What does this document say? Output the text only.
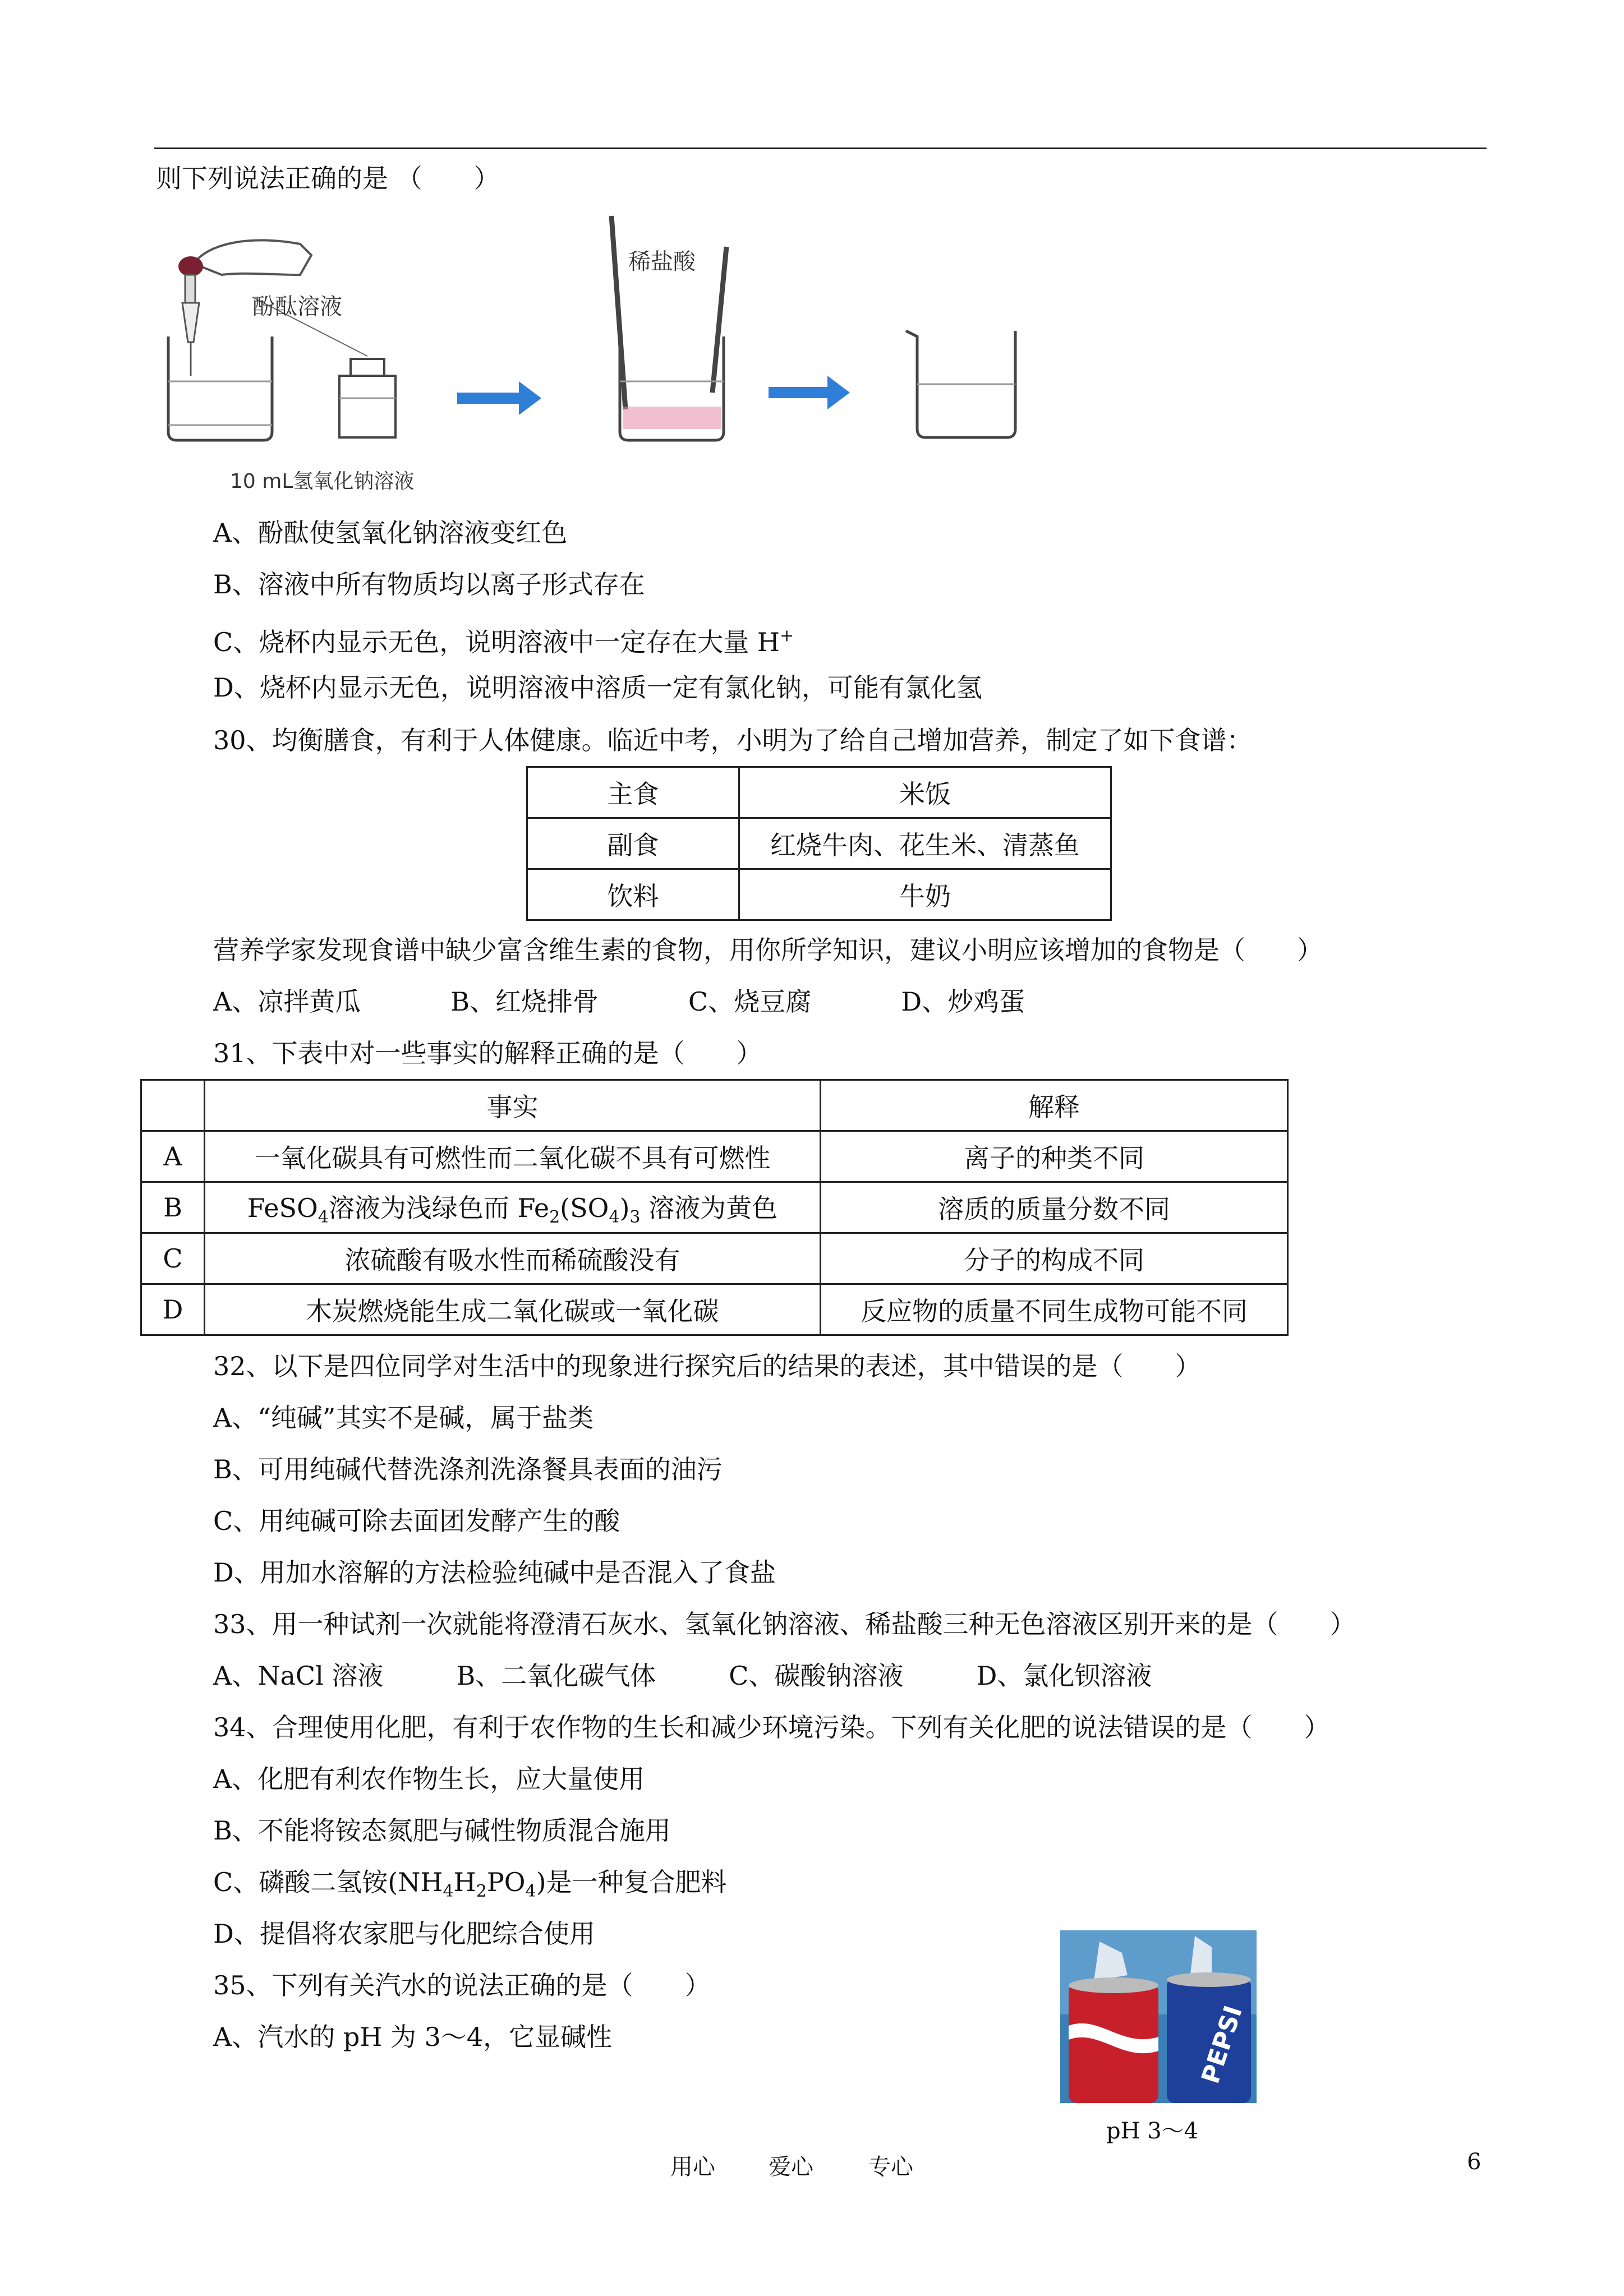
则下列说法正确的是 （　　）
酚酞溶液
10 mL氢氧化钠溶液
稀盐酸
A、酚酞使氢氧化钠溶液变红色
B、溶液中所有物质均以离子形式存在
C、烧杯内显示无色，说明溶液中一定存在大量 H+
D、烧杯内显示无色，说明溶液中溶质一定有氯化钠，可能有氯化氢
30、均衡膳食，有利于人体健康。临近中考，小明为了给自己增加营养，制定了如下食谱：
主食	米饭
副食	红烧牛肉、花生米、清蒸鱼
饮料	牛奶
营养学家发现食谱中缺少富含维生素的食物，用你所学知识，建议小明应该增加的食物是（　　）
A、凉拌黄瓜	B、红烧排骨	C、烧豆腐	D、炒鸡蛋
31、下表中对一些事实的解释正确的是（　　）
	事实	解释
A	一氧化碳具有可燃性而二氧化碳不具有可燃性	离子的种类不同
B	FeSO$_4$溶液为浅绿色而 $Fe_2(SO_4)_3$ 溶液为黄色	溶质的质量分数不同
C	浓硫酸有吸水性而稀硫酸没有	分子的构成不同
D	木炭燃烧能生成二氧化碳或一氧化碳	反应物的质量不同生成物可能不同
32、以下是四位同学对生活中的现象进行探究后的结果的表述，其中错误的是（　　）
A、“纯碱”其实不是碱，属于盐类
B、可用纯碱代替洗涤剂洗涤餐具表面的油污
C、用纯碱可除去面团发酵产生的酸
D、用加水溶解的方法检验纯碱中是否混入了食盐
33、用一种试剂一次就能将澄清石灰水、氢氧化钠溶液、稀盐酸三种无色溶液区别开来的是（　　）
A、NaCl 溶液	B、二氧化碳气体	C、碳酸钠溶液	D、氯化钡溶液
34、合理使用化肥，有利于农作物的生长和减少环境污染。下列有关化肥的说法错误的是（　　）
A、化肥有利农作物生长，应大量使用
B、不能将铵态氮肥与碱性物质混合施用
C、磷酸二氢铵$(NH_4H_2PO_4)$是一种复合肥料
D、提倡将农家肥与化肥综合使用
35、下列有关汽水的说法正确的是（　　）
A、汽水的 pH 为 3～4，它显碱性	PEPSI
pH 3～4
用心 爱心 专心	6
